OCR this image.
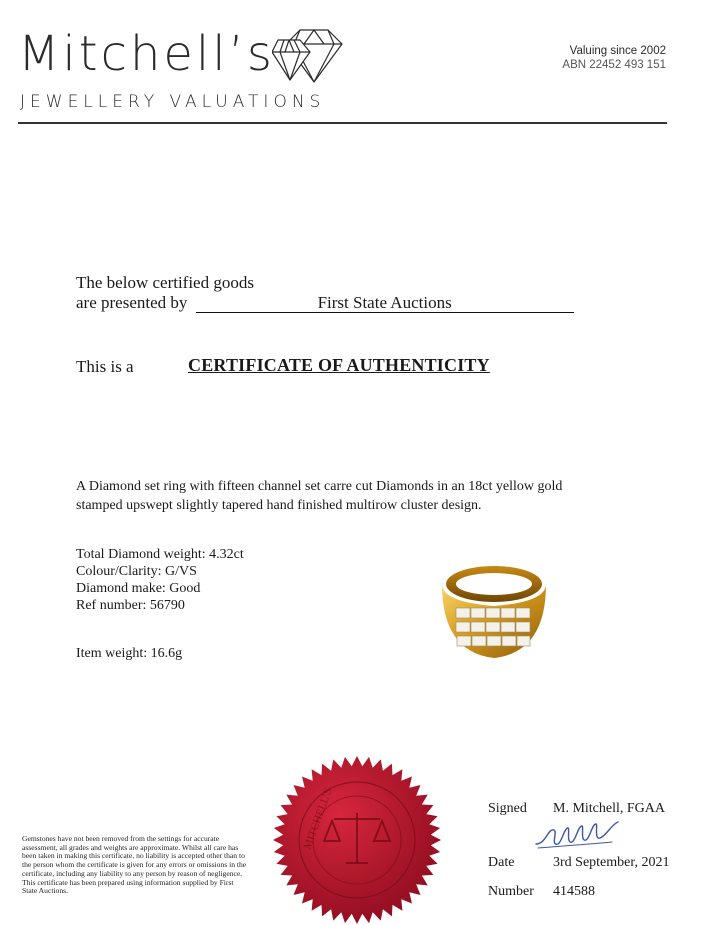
Mitchell’s
JEWELLERY VALUATIONS
Valuing since 2002
ABN 22452 493 151
The below certified goods
are presented by	First State Auctions
This is a	CERTIFICATE OF AUTHENTICITY
A Diamond set ring with fifteen channel set carre cut Diamonds in an 18ct yellow gold stamped upswept slightly tapered hand finished multirow cluster design.
Total Diamond weight: 4.32ct
Colour/Clarity: G/VS
Diamond make: Good
Ref number: 56790
Item weight: 16.6g
MITCHELL’S
Gemstones have not been removed from the settings for accurate assessment, all grades and weights are approximate. Whilst all care has been taken in making this certificate, no liability is accepted other than to the person whom the certificate is given for any errors or omissions in the certificate, including any liability to any person by reason of negligence. This certificate has been prepared using information supplied by First State Auctions.
Signed M. Mitchell, FGAA
Date	3rd September, 2021
Number 414588
